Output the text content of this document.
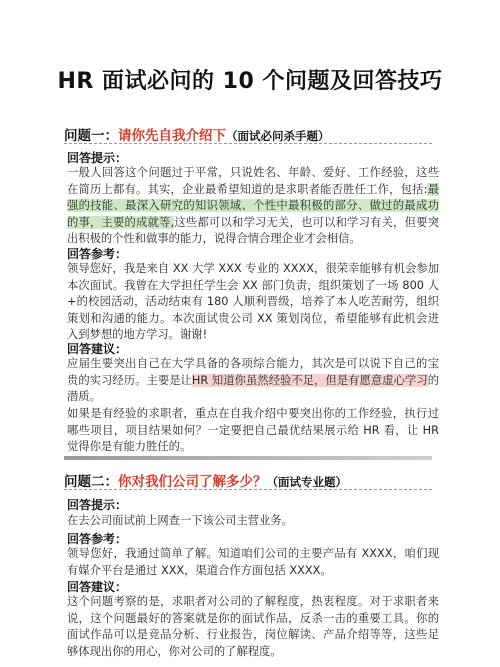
HR 面试必问的 10 个问题及回答技巧
问题一：请你先自我介绍下（面试必问杀手题）
回答提示：
一般人回答这个问题过于平常，只说姓名、年龄、爱好、工作经验，这些在简历上都有。其实，企业最希望知道的是求职者能否胜任工作，包括:最强的技能、最深入研究的知识领域、个性中最积极的部分、做过的最成功的事，主要的成就等,这些都可以和学习无关，也可以和学习有关，但要突出积极的个性和做事的能力，说得合情合理企业才会相信。
回答参考：
领导您好，我是来自 XX 大学 XXX 专业的 XXXX，很荣幸能够有机会参加本次面试。我曾在大学担任学生会 XX 部门负责，组织策划了一场 800 人+的校园活动，活动结束有 180 人顺利晋级，培养了本人吃苦耐劳，组织策划和沟通的能力。本次面试贵公司 XX 策划岗位，希望能够有此机会进入到梦想的地方学习。谢谢!
回答建议：
应届生要突出自己在大学具备的各项综合能力，其次是可以说下自己的宝贵的实习经历。主要是让HR 知道你虽然经验不足，但是有愿意虚心学习的潜质。
如果是有经验的求职者，重点在自我介绍中要突出你的工作经验，执行过哪些项目，项目结果如何？一定要把自己最优结果展示给 HR 看，让 HR 觉得你是有能力胜任的。
问题二：你对我们公司了解多少？（面试专业题）
回答提示：
在去公司面试前上网查一下该公司主营业务。
回答参考：
领导您好，我通过简单了解。知道咱们公司的主要产品有 XXXX，咱们现有媒介平台是通过 XXX，渠道合作方面包括 XXXX。
回答建议：
这个问题考察的是，求职者对公司的了解程度，热衷程度。对于求职者来说，这个问题最好的答案就是你的面试作品，反杀一击的重要工具。你的面试作品可以是竞品分析、行业报告，岗位解读、产品介绍等等，这些足够体现出你的用心，你对公司的了解程度。
